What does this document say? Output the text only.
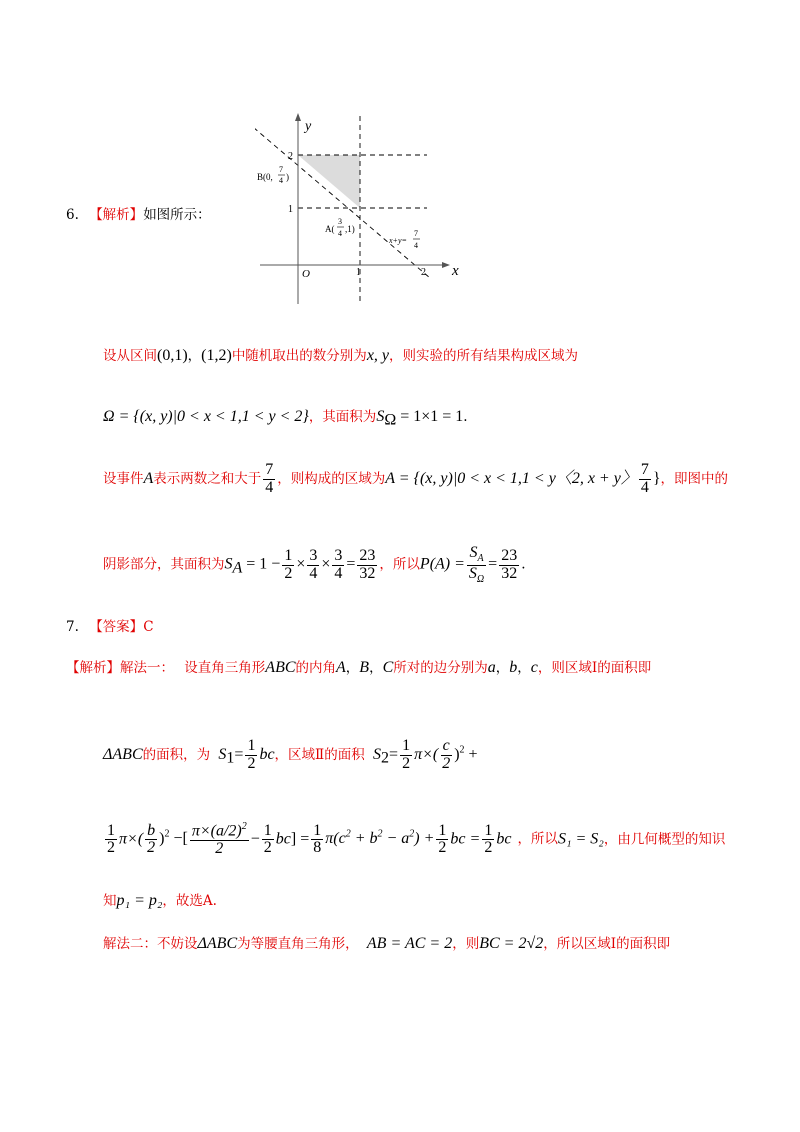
6. 【解析】如图所示：
y
x
O	1	2
2
1
B(0,
7
4 )
A(
3
4 ,1)
x+y=
7
4
设从区间(0,1)，(1,2)中随机取出的数分别为x, y，则实验的所有结果构成区域为
Ω = {(x, y)|0 < x < 1,1 < y < 2}，其面积为$S_\Omega = 1\times 1 = 1$.
设事件A表示两数之和大于 $\frac{7}{4}$ ，则构成的区域为A = {(x, y)|0 < x < 1,1 < y〈2, x + y〉 $\frac{7}{4}$ }，即图中的
阴影部分，其面积为$S_A = 1 - \frac{1}{2} \times \frac{3}{4} \times \frac{3}{4} = \frac{23}{32}$ ，所以$P(A) = \frac{S_A}{S_\Omega} = \frac{23}{32}$ .
7. 【答案】C
【解析】解法一： 设直角三角形ABC的内角A，B，C所对的边分别为a，b，c，则区域Ⅰ的面积即
ΔABC的面积，为 $S_1= \frac{1}{2}$ bc，区域Ⅱ的面积 $S_2= \frac{1}{2} \pi\times( \frac{c}{2} )^2$ +
$\frac{1}{2} \pi\times( \frac{b}{2} )^2$ −[ $\frac{\pi\times(a/2)^2}{2} - \frac{1}{2} bc] = \frac{1}{8} \pi(c^2 + b^2 - a^2) + \frac{1}{2}$ bc = $\frac{1}{2}$ bc ，所以S₁ = S₂，由几何概型的知识
知p₁ = p₂，故选A.
解法二：不妨设ΔABC为等腰直角三角形， AB = AC = 2，则BC = 2√2，所以区域Ⅰ的面积即
